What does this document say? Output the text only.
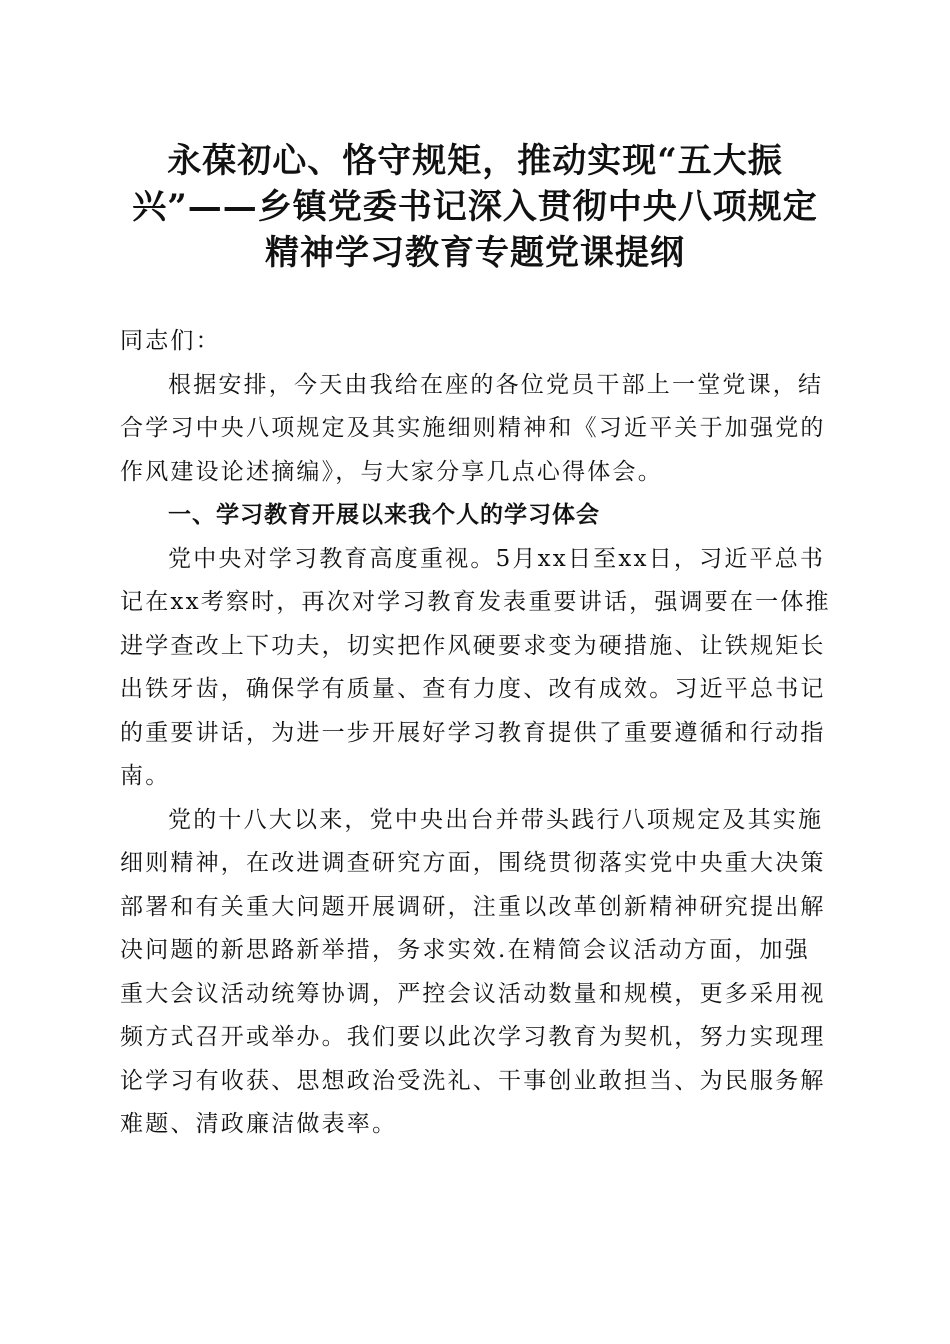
永葆初心、恪守规矩，推动实现“五大振
兴”——乡镇党委书记深入贯彻中央八项规定
精神学习教育专题党课提纲

同志们：

根据安排，今天由我给在座的各位党员干部上一堂党课，结合学习中央八项规定及其实施细则精神和《习近平关于加强党的作风建设论述摘编》，与大家分享几点心得体会。

一、学习教育开展以来我个人的学习体会

党中央对学习教育高度重视。5月xx日至xx日，习近平总书记在xx考察时，再次对学习教育发表重要讲话，强调要在一体推进学查改上下功夫，切实把作风硬要求变为硬措施、让铁规矩长出铁牙齿，确保学有质量、查有力度、改有成效。习近平总书记的重要讲话，为进一步开展好学习教育提供了重要遵循和行动指南。

党的十八大以来，党中央出台并带头践行八项规定及其实施细则精神，在改进调查研究方面，围绕贯彻落实党中央重大决策部署和有关重大问题开展调研，注重以改革创新精神研究提出解决问题的新思路新举措，务求实效.在精简会议活动方面，加强重大会议活动统筹协调，严控会议活动数量和规模，更多采用视频方式召开或举办。我们要以此次学习教育为契机，努力实现理论学习有收获、思想政治受洗礼、干事创业敢担当、为民服务解难题、清政廉洁做表率。
